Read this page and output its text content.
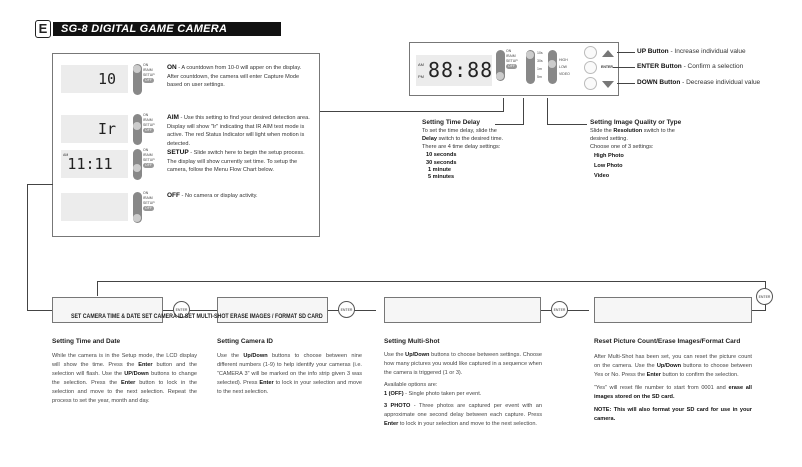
E	SG-8 DIGITAL GAME CAMERA
10
ON
IRAIM
SETUP
OFF
ON - A countdown from 10-0 will apper on the display. After countdown, the camera will enter Capture Mode based on user settings.
Ir
ON
IRAIM
SETUP
OFF
AIM - Use this setting to find your desired detection area. Display will show "Ir" indicating that IR AIM test mode is active. The red Status Indicator will light when motion is detected.
AM 11:11
ON
IRAIM
SETUP
OFF
SETUP - Slide switch here to begin the setup process. The display will show currently set time. To setup the camera, follow the Menu Flow Chart below.
ON
IRAIM
SETUP
OFF
OFF - No camera or display activity.
AM
PM 88:88
ON
IRAIM
SETUP
OFF
10s
30s
1m
5m
HIGH
LOW
VIDEO
ENTER
UP Button - Increase individual value
ENTER Button - Confirm a selection
DOWN Button - Decrease individual value
Setting Time Delay
To set the time delay, slide the
Delay switch to the desired time.
There are 4 time delay settings:
10 seconds
30 seconds
1 minute
5 minutes
Setting Image Quality or Type
Slide the Resolution switch to the
desired setting.
Choose one of 3 settings:
High Photo
Low Photo
Video
ENTER	ENTER	ENTER
ENTER
SET CAMERA TIME & DATE SET CAMERA ID SET MULTI-SHOT ERASE IMAGES / FORMAT SD CARD
Setting Time and Date
While the camera is in the Setup mode, the LCD display will show the time. Press the Enter button and the selection will flash. Use the UP/Down buttons to change the selection. Press the Enter button to lock in the selection and move to the next selection. Repeat the process to set the year, month and day.
Setting Camera ID
Use the Up/Down buttons to choose between nine different numbers (1-9) to help identify your cameras (i.e. “CAMERA 3” will be marked on the info strip given 3 was selected). Press Enter to lock in your selection and move to the next selection.
Setting Multi-Shot
Use the Up/Down buttons to choose between settings. Choose how many pictures you would like captured in a sequence when the camera is triggered (1 or 3).
Available options are:
1 (OFF) - Single photo taken per event.
3 PHOTO - Three photos are captured per event with an approximate one second delay between each capture. Press Enter to lock in your selection and move to the next selection.
Reset Picture Count/Erase Images/Format Card
After Multi-Shot has been set, you can reset the picture count on the camera. Use the Up/Down buttons to choose between Yes or No. Press the Enter button to confirm the selection.
“Yes” will reset file number to start from 0001 and erase all images stored on the SD card.
NOTE: This will also format your SD card for use in your camera.
